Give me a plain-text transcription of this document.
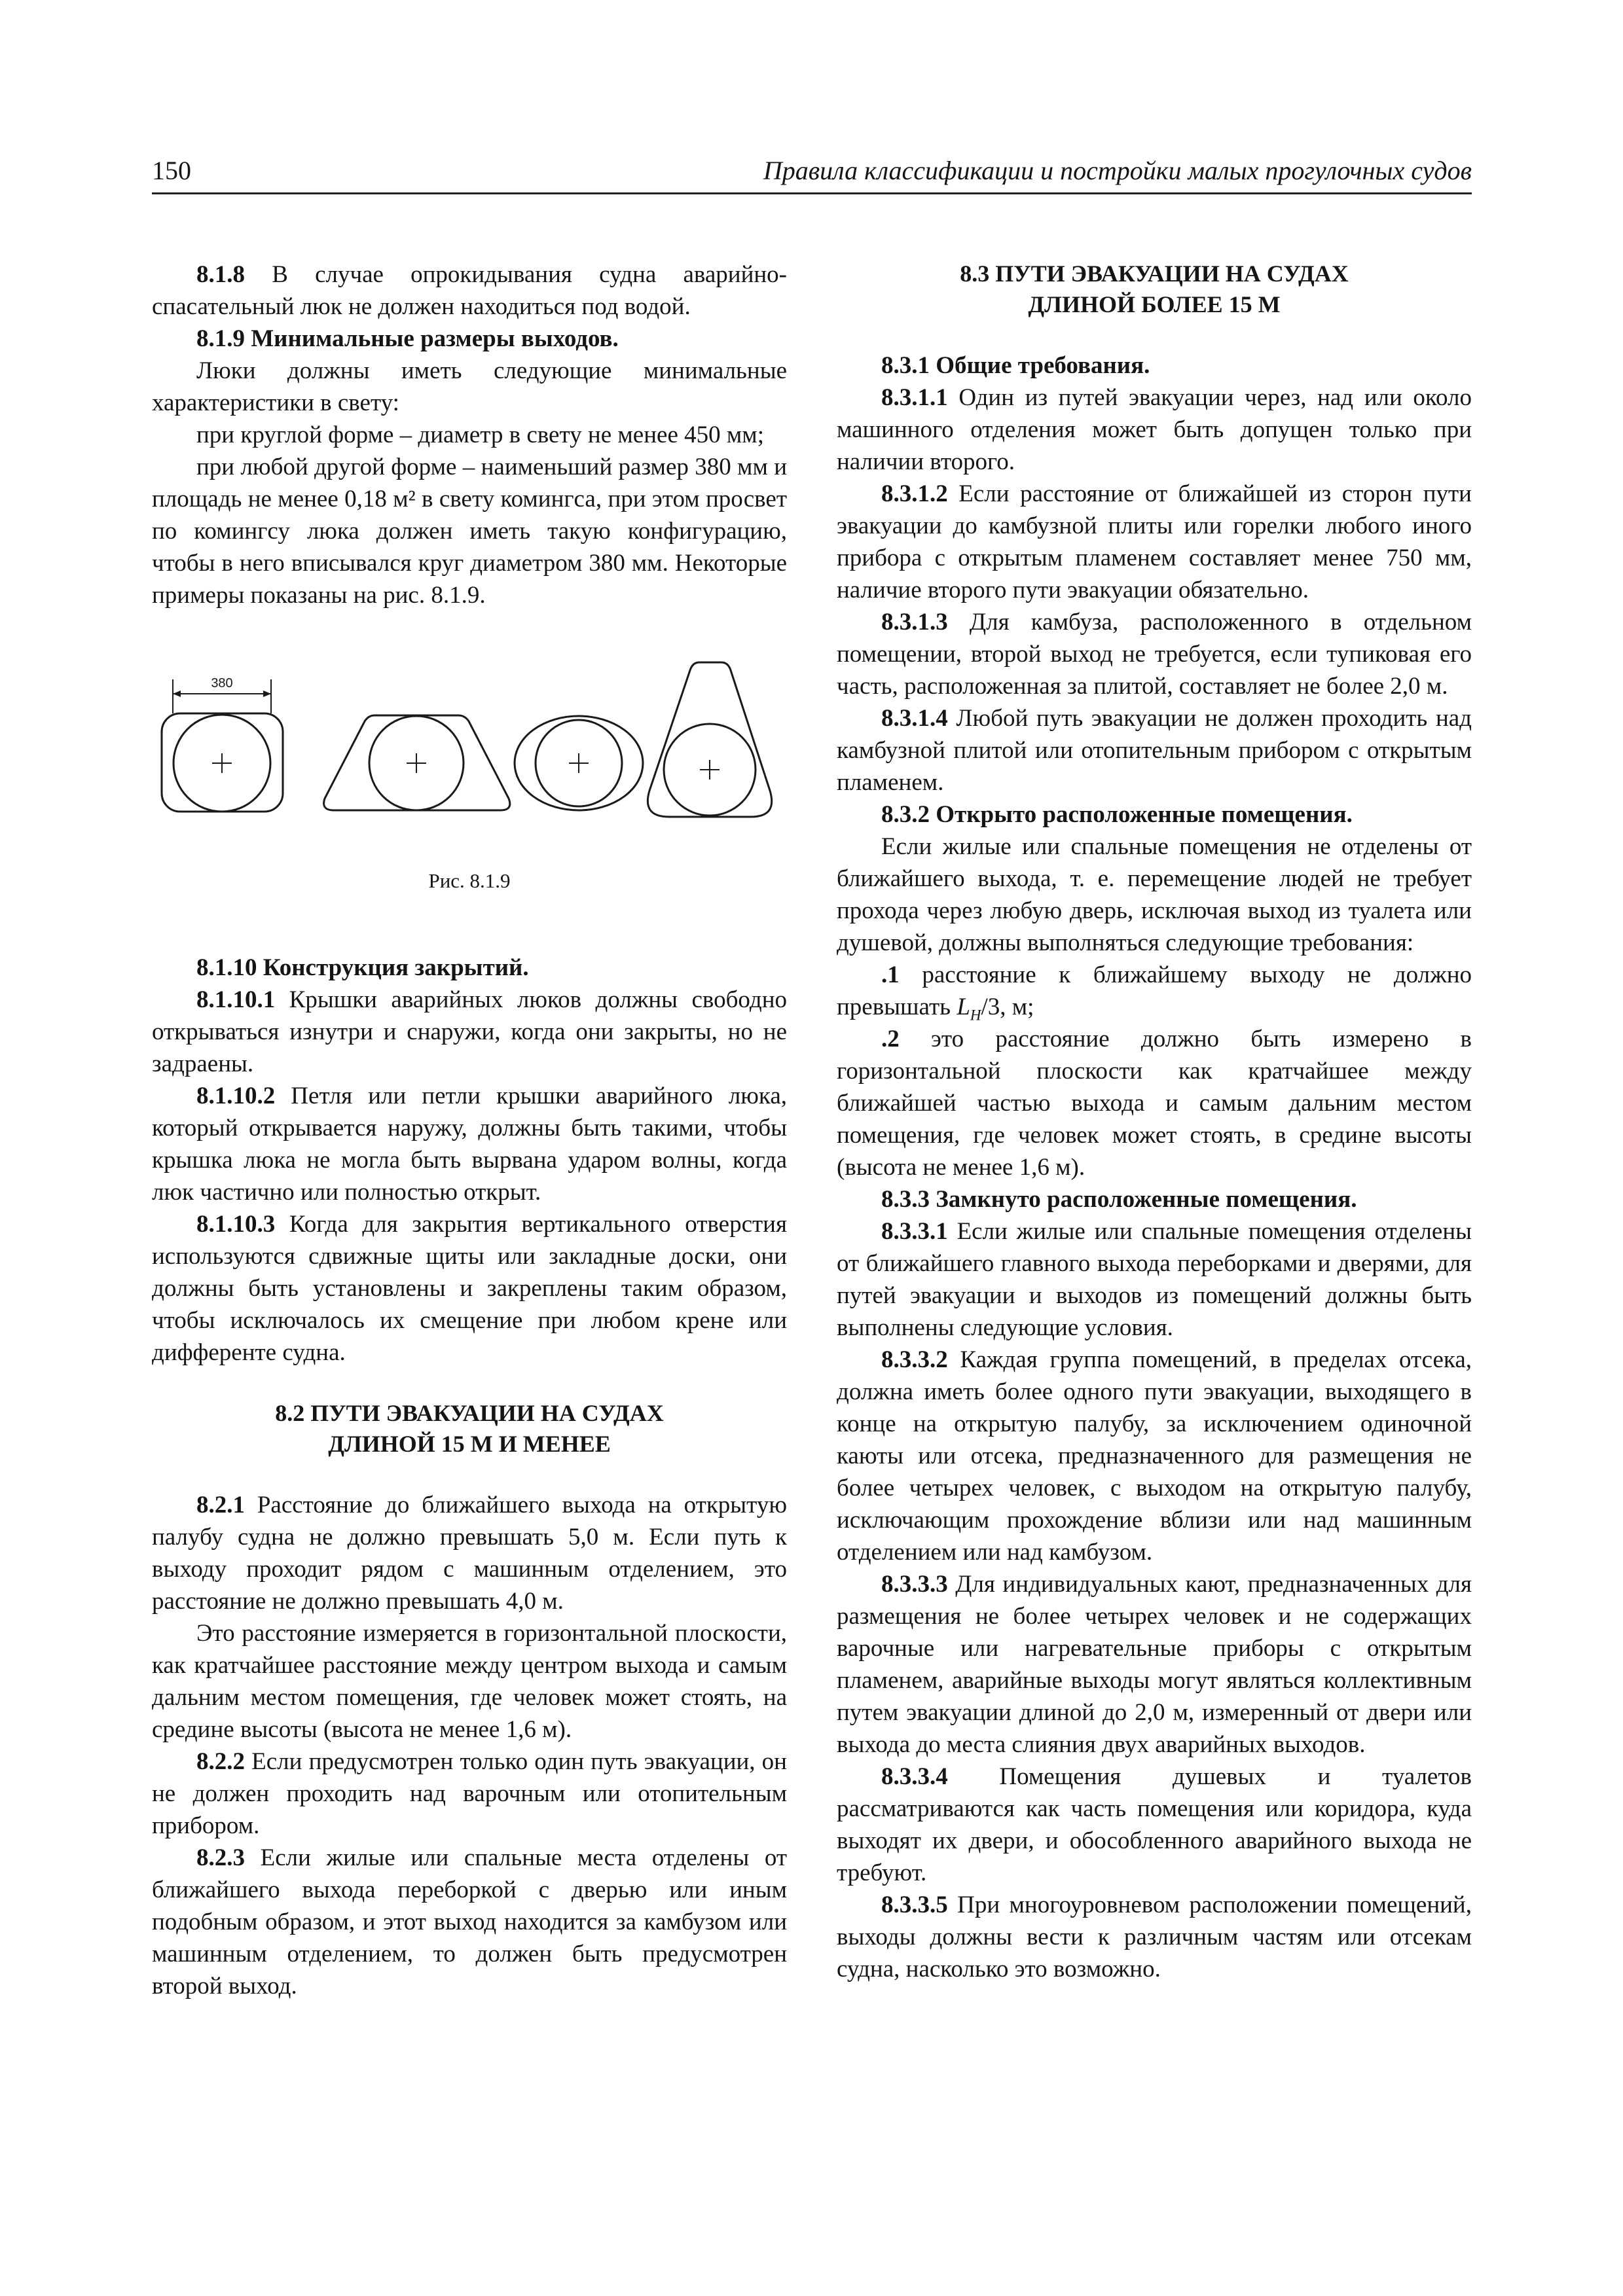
150	Правила классификации и постройки малых прогулочных судов

8.1.8 В случае опрокидывания судна аварийно-спасательный люк не должен находиться под водой.

8.1.9 Минимальные размеры выходов.

Люки должны иметь следующие минимальные характеристики в свету:

при круглой форме – диаметр в свету не менее 450 мм;

при любой другой форме – наименьший размер 380 мм и площадь не менее 0,18 м² в свету комингса, при этом просвет по комингсу люка должен иметь такую конфигурацию, чтобы в него вписывался круг диаметром 380 мм. Некоторые примеры показаны на рис. 8.1.9.

380

Рис. 8.1.9

8.1.10 Конструкция закрытий.

8.1.10.1 Крышки аварийных люков должны свободно открываться изнутри и снаружи, когда они закрыты, но не задраены.

8.1.10.2 Петля или петли крышки аварийного люка, который открывается наружу, должны быть такими, чтобы крышка люка не могла быть вырвана ударом волны, когда люк частично или полностью открыт.

8.1.10.3 Когда для закрытия вертикального отверстия используются сдвижные щиты или закладные доски, они должны быть установлены и закреплены таким образом, чтобы исключалось их смещение при любом крене или дифференте судна.

8.2 ПУТИ ЭВАКУАЦИИ НА СУДАХ

ДЛИНОЙ 15 М И МЕНЕЕ

8.2.1 Расстояние до ближайшего выхода на открытую палубу судна не должно превышать 5,0 м. Если путь к выходу проходит рядом с машинным отделением, это расстояние не должно превышать 4,0 м.

Это расстояние измеряется в горизонтальной плоскости, как кратчайшее расстояние между центром выхода и самым дальним местом помещения, где человек может стоять, на средине высоты (высота не менее 1,6 м).

8.2.2 Если предусмотрен только один путь эвакуации, он не должен проходить над варочным или отопительным прибором.

8.2.3 Если жилые или спальные места отделены от ближайшего выхода переборкой с дверью или иным подобным образом, и этот выход находится за камбузом или машинным отделением, то должен быть предусмотрен второй выход.

8.3 ПУТИ ЭВАКУАЦИИ НА СУДАХ

ДЛИНОЙ БОЛЕЕ 15 М

8.3.1 Общие требования.

8.3.1.1 Один из путей эвакуации через, над или около машинного отделения может быть допущен только при наличии второго.

8.3.1.2 Если расстояние от ближайшей из сторон пути эвакуации до камбузной плиты или горелки любого иного прибора с открытым пламенем составляет менее 750 мм, наличие второго пути эвакуации обязательно.

8.3.1.3 Для камбуза, расположенного в отдельном помещении, второй выход не требуется, если тупиковая его часть, расположенная за плитой, составляет не более 2,0 м.

8.3.1.4 Любой путь эвакуации не должен проходить над камбузной плитой или отопительным прибором с открытым пламенем.

8.3.2 Открыто расположенные помещения.

Если жилые или спальные помещения не отделены от ближайшего выхода, т. е. перемещение людей не требует прохода через любую дверь, исключая выход из туалета или душевой, должны выполняться следующие требования:

.1 расстояние к ближайшему выходу не должно превышать $L_H/3$, м;

.2 это расстояние должно быть измерено в горизонтальной плоскости как кратчайшее между ближайшей частью выхода и самым дальним местом помещения, где человек может стоять, в средине высоты (высота не менее 1,6 м).

8.3.3 Замкнуто расположенные помещения.

8.3.3.1 Если жилые или спальные помещения отделены от ближайшего главного выхода переборками и дверями, для путей эвакуации и выходов из помещений должны быть выполнены следующие условия.

8.3.3.2 Каждая группа помещений, в пределах отсека, должна иметь более одного пути эвакуации, выходящего в конце на открытую палубу, за исключением одиночной каюты или отсека, предназначенного для размещения не более четырех человек, с выходом на открытую палубу, исключающим прохождение вблизи или над машинным отделением или над камбузом.

8.3.3.3 Для индивидуальных кают, предназначенных для размещения не более четырех человек и не содержащих варочные или нагревательные приборы с открытым пламенем, аварийные выходы могут являться коллективным путем эвакуации длиной до 2,0 м, измеренный от двери или выхода до места слияния двух аварийных выходов.

8.3.3.4 Помещения душевых и туалетов рассматриваются как часть помещения или коридора, куда выходят их двери, и обособленного аварийного выхода не требуют.

8.3.3.5 При многоуровневом расположении помещений, выходы должны вести к различным частям или отсекам судна, насколько это возможно.
